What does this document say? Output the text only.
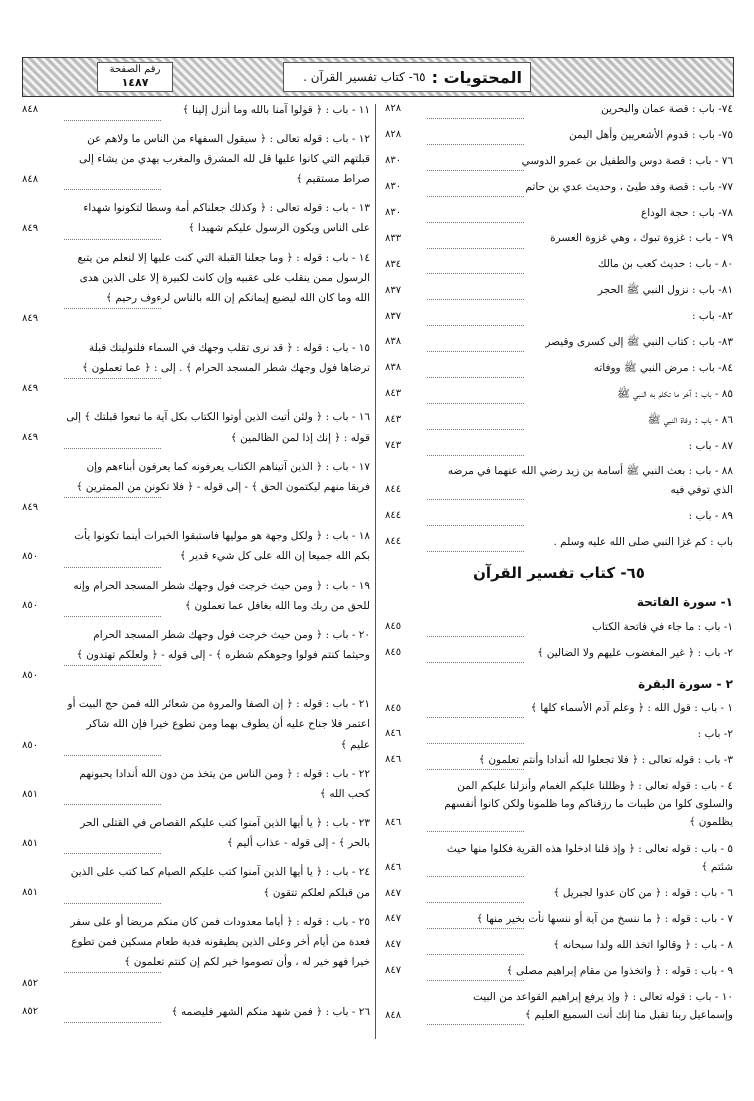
المحتويات :
٦٥- كتاب تفسير القرآن .
رقم الصفحة
١٤٨٧
٧٤- باب : قصة عمان والبحرين
٨٢٨
٧٥- باب : قدوم الأشعريين وأهل اليمن
٨٢٨
٧٦ - باب : قصة دوس والطفيل بن عمرو الدوسي
٨٣٠
٧٧- باب : قصة وفد طيئ ، وحديث عدي بن حاتم
٨٣٠
٧٨- باب : حجة الوداع
٨٣٠
٧٩ - باب : غزوة تبوك ، وهي غزوة العسرة
٨٣٣
٨٠ - باب : حديث كعب بن مالك
٨٣٤
٨١- باب : نزول النبي ﷺ الحجر
٨٣٧
٨٢- باب :
٨٣٧
٨٣- باب : كتاب النبي ﷺ إلى كسرى وقيصر
٨٣٨
٨٤- باب : مرض النبي ﷺ ووفاته
٨٣٨
٨٥ - باب : آخر ما تكلم به النبي ﷺ
٨٤٣
٨٦ - باب : وفاة النبي ﷺ
٨٤٣
٨٧ - باب :
٧٤٣
٨٨ - باب : بعث النبي ﷺ أسامة بن زيد رضي الله عنهما في مرضه الذي توفي فيه
٨٤٤
٨٩ - باب :
٨٤٤
باب : كم غزا النبي صلى الله عليه وسلم .
٨٤٤
٦٥- كتاب تفسير القرآن
١- سورة الفاتحة
١- باب : ما جاء في فاتحة الكتاب
٨٤٥
٢- باب : ﴿ غير المغضوب عليهم ولا الضالين ﴾
٨٤٥
٢ - سورة البقرة
١ - باب : قول الله : ﴿ وعلم آدم الأسماء كلها ﴾
٨٤٥
٢- باب :
٨٤٦
٣- باب : قوله تعالى : ﴿ فلا تجعلوا لله أندادا وأنتم تعلمون ﴾
٨٤٦
٤ - باب : قوله تعالى : ﴿ وظللنا عليكم الغمام وأنزلنا عليكم المن والسلوى كلوا من طيبات ما رزقناكم وما ظلمونا ولكن كانوا أنفسهم يظلمون ﴾
٨٤٦
٥ - باب : قوله تعالى : ﴿ وإذ قلنا ادخلوا هذه القرية فكلوا منها حيث شئتم ﴾
٨٤٦
٦ - باب : قوله : ﴿ من كان عدوا لجبريل ﴾
٨٤٧
٧ - باب : قوله : ﴿ ما ننسخ من آية أو ننسها نأت بخير منها ﴾
٨٤٧
٨ - باب : ﴿ وقالوا اتخذ الله ولدا سبحانه ﴾
٨٤٧
٩ - باب : قوله : ﴿ واتخذوا من مقام إبراهيم مصلى ﴾
٨٤٧
١٠ - باب : قوله تعالى : ﴿ وإذ يرفع إبراهيم القواعد من البيت وإسماعيل ربنا تقبل منا إنك أنت السميع العليم ﴾
٨٤٨
١١ - باب : ﴿ قولوا آمنا بالله وما أنزل إلينا ﴾
٨٤٨
١٢ - باب : قوله تعالى : ﴿ سيقول السفهاء من الناس ما ولاهم عن قبلتهم التي كانوا عليها قل لله المشرق والمغرب يهدي من يشاء إلى صراط مستقيم ﴾
٨٤٨
١٣ - باب : قوله تعالى : ﴿ وكذلك جعلناكم أمة وسطا لتكونوا شهداء على الناس ويكون الرسول عليكم شهيدا ﴾
٨٤٩
١٤ - باب : قوله : ﴿ وما جعلنا القبلة التي كنت عليها إلا لنعلم من يتبع الرسول ممن ينقلب على عقبيه وإن كانت لكبيرة إلا على الذين هدى الله وما كان الله ليضيع إيمانكم إن الله بالناس لرءوف رحيم ﴾
٨٤٩
١٥ - باب : قوله : ﴿ قد نرى تقلب وجهك في السماء فلنولينك قبلة ترضاها فول وجهك شطر المسجد الحرام ﴾ . إلى : ﴿ عما تعملون ﴾
٨٤٩
١٦ - باب : ﴿ ولئن أتيت الذين أوتوا الكتاب بكل آية ما تبعوا قبلتك ﴾ إلى قوله : ﴿ إنك إذا لمن الظالمين ﴾
٨٤٩
١٧ - باب : ﴿ الذين آتيناهم الكتاب يعرفونه كما يعرفون أبناءهم وإن فريقا منهم ليكتمون الحق ﴾ - إلى قوله - ﴿ فلا تكونن من الممترين ﴾
٨٤٩
١٨ - باب : ﴿ ولكل وجهة هو موليها فاستبقوا الخيرات أينما تكونوا يأت بكم الله جميعا إن الله على كل شيء قدير ﴾
٨٥٠
١٩ - باب : ﴿ ومن حيث خرجت فول وجهك شطر المسجد الحرام وإنه للحق من ربك وما الله بغافل عما تعملون ﴾
٨٥٠
٢٠ - باب : ﴿ ومن حيث خرجت فول وجهك شطر المسجد الحرام وحيثما كنتم فولوا وجوهكم شطره ﴾ - إلى قوله - ﴿ ولعلكم تهتدون ﴾
٨٥٠
٢١ - باب : قوله : ﴿ إن الصفا والمروة من شعائر الله فمن حج البيت أو اعتمر فلا جناح عليه أن يطوف بهما ومن تطوع خيرا فإن الله شاكر عليم ﴾
٨٥٠
٢٢ - باب : قوله : ﴿ ومن الناس من يتخذ من دون الله أندادا يحبونهم كحب الله ﴾
٨٥١
٢٣ - باب : ﴿ يا أيها الذين آمنوا كتب عليكم القصاص في القتلى الحر بالحر ﴾ - إلى قوله - عذاب أليم ﴾
٨٥١
٢٤ - باب : ﴿ يا أيها الذين آمنوا كتب عليكم الصيام كما كتب على الذين من قبلكم لعلكم تتقون ﴾
٨٥١
٢٥ - باب : قوله : ﴿ أياما معدودات فمن كان منكم مريضا أو على سفر فعدة من أيام أخر وعلى الذين يطيقونه فدية طعام مسكين فمن تطوع خيرا فهو خير له ، وأن تصوموا خير لكم إن كنتم تعلمون ﴾
٨٥٢
٢٦ - باب : ﴿ فمن شهد منكم الشهر فليصمه ﴾
٨٥٢
